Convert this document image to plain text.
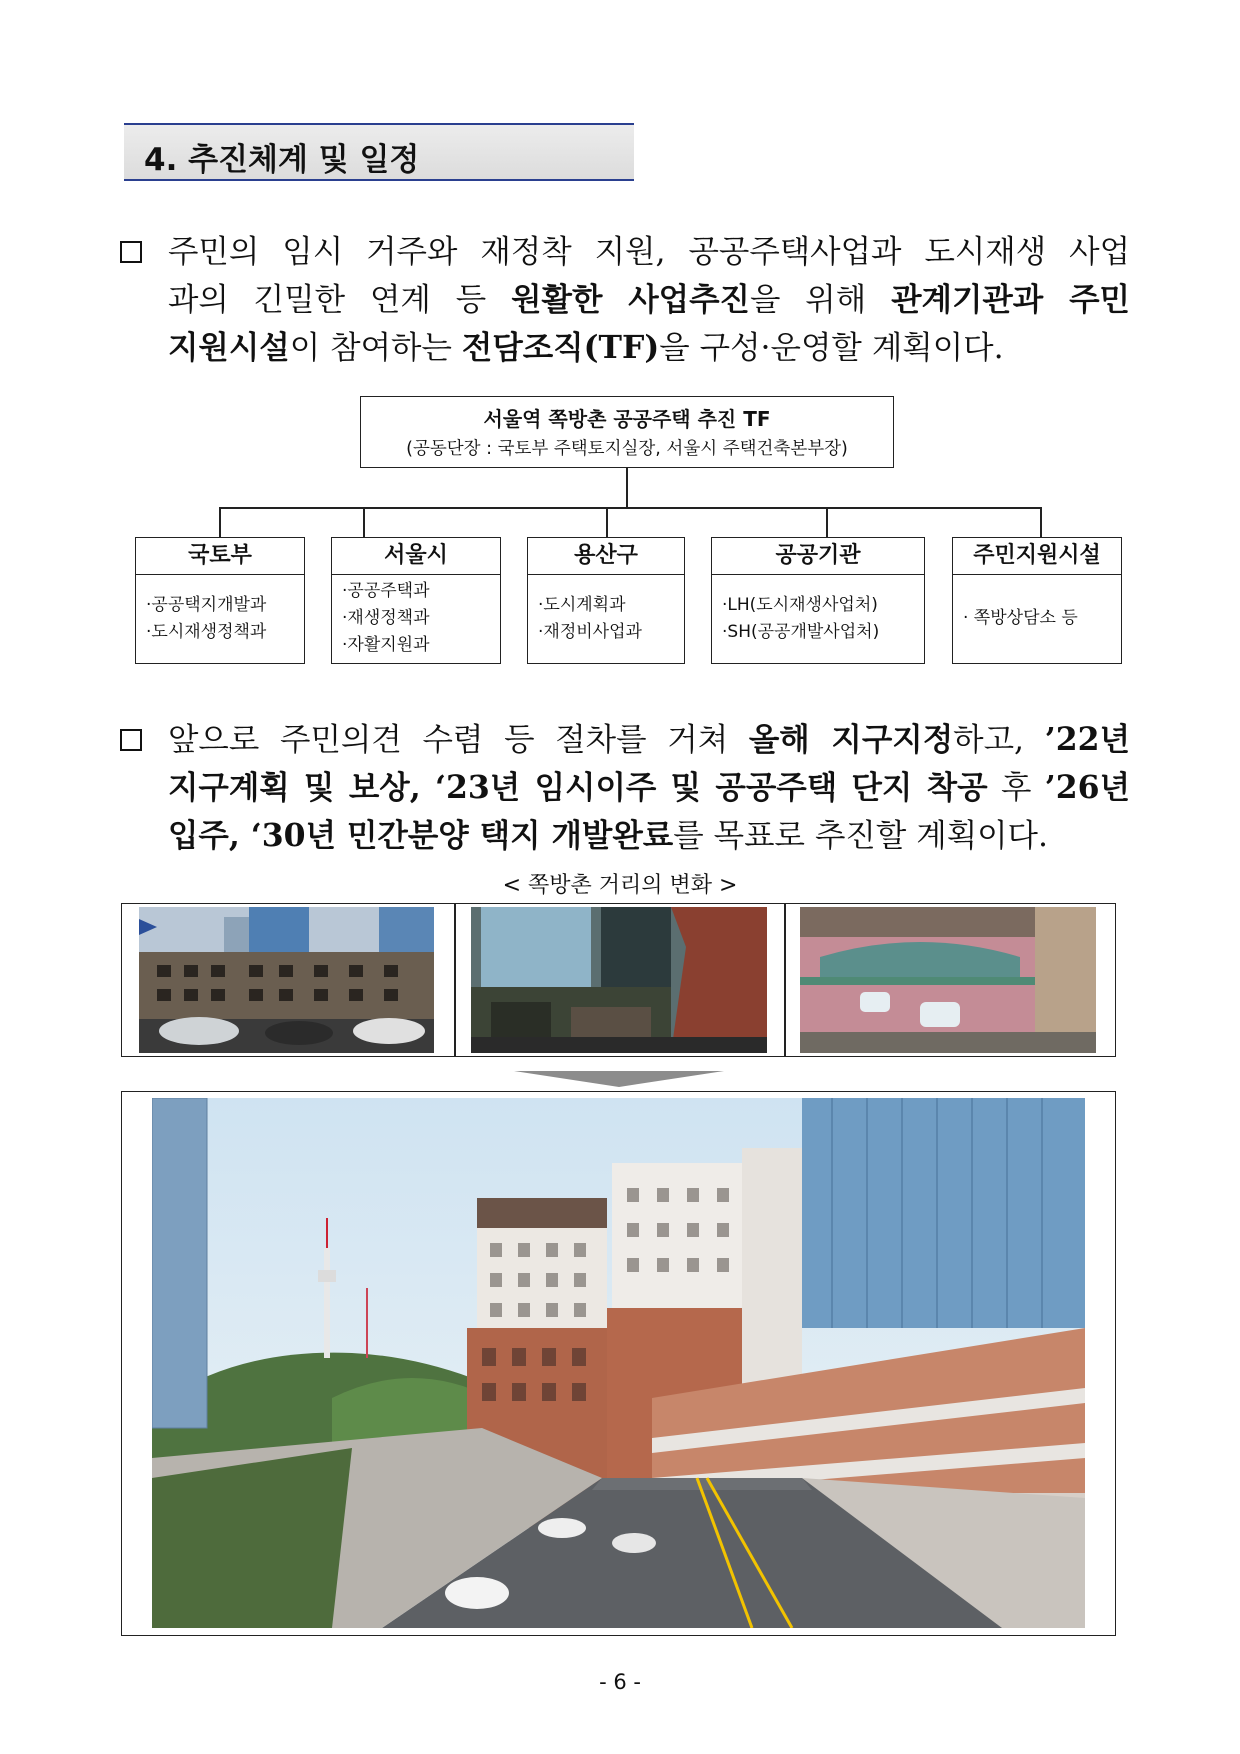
4. 추진체계 및 일정
주민의 임시 거주와 재정착 지원, 공공주택사업과 도시재생 사업
과의 긴밀한 연계 등 원활한 사업추진을 위해 관계기관과 주민
지원시설이 참여하는 전담조직(TF)을 구성·운영할 계획이다.
서울역 쪽방촌 공공주택 추진 TF
(공동단장 : 국토부 주택토지실장, 서울시 주택건축본부장)
국토부
·공공택지개발과
·도시재생정책과
서울시
·공공주택과
·재생정책과
·자활지원과
용산구
·도시계획과
·재정비사업과
공공기관
·LH(도시재생사업처)
·SH(공공개발사업처)
주민지원시설
· 쪽방상담소 등
앞으로 주민의견 수렴 등 절차를 거쳐 올해 지구지정하고, ’22년
지구계획 및 보상, ‘23년 임시이주 및 공공주택 단지 착공 후 ’26년
입주, ‘30년 민간분양 택지 개발완료를 목표로 추진할 계획이다.
< 쪽방촌 거리의 변화 >
- 6 -
